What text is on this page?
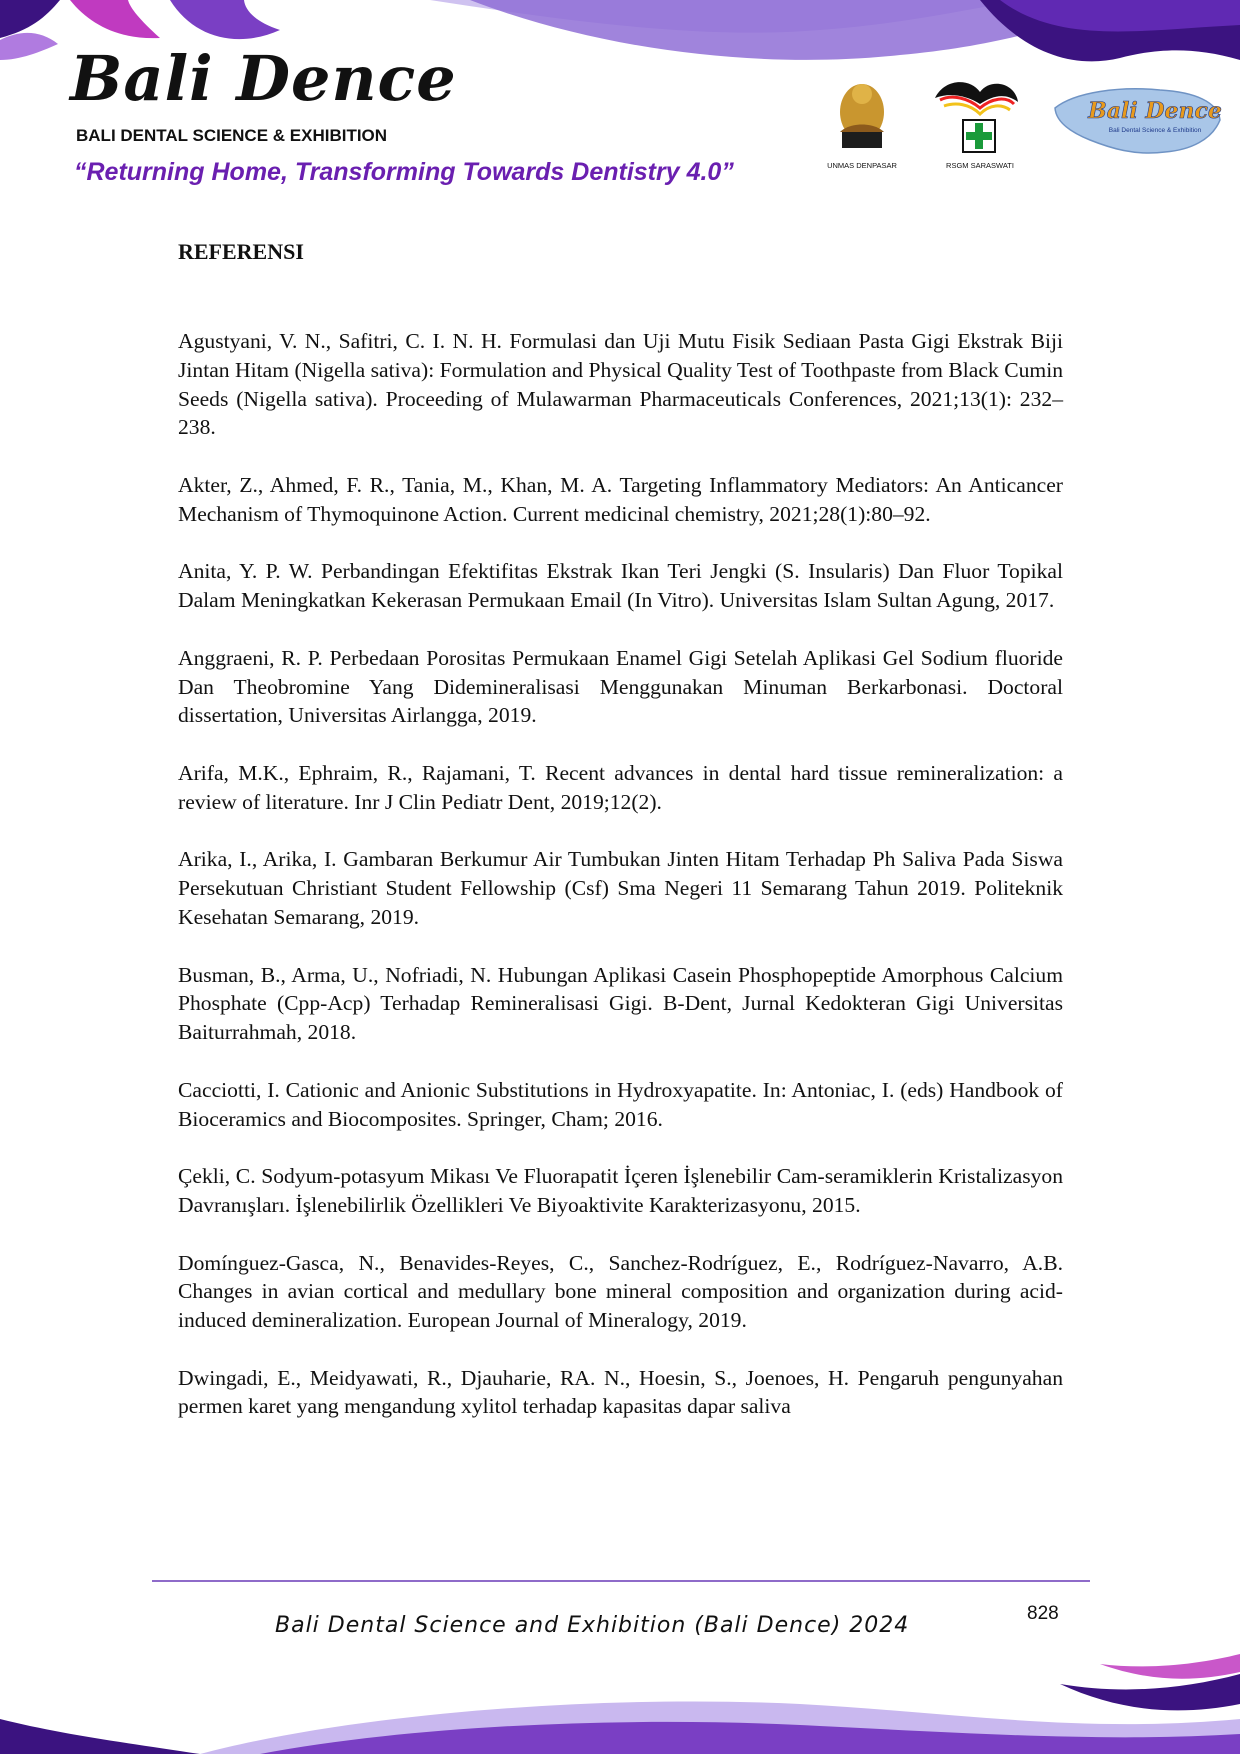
Bali Dence
BALI DENTAL SCIENCE & EXHIBITION
“Returning Home, Transforming Towards Dentistry 4.0”	UNMAS DENPASAR	RSGM SARASWATI
Bali Dence
Bali Dental Science & Exhibition
REFERENSI

Agustyani, V. N., Safitri, C. I. N. H. Formulasi dan Uji Mutu Fisik Sediaan Pasta Gigi Ekstrak Biji Jintan Hitam (Nigella sativa): Formulation and Physical Quality Test of Toothpaste from Black Cumin Seeds (Nigella sativa). Proceeding of Mulawarman Pharmaceuticals Conferences, 2021;13(1): 232–238.

Akter, Z., Ahmed, F. R., Tania, M., Khan, M. A. Targeting Inflammatory Mediators: An Anticancer Mechanism of Thymoquinone Action. Current medicinal chemistry, 2021;28(1):80–92.

Anita, Y. P. W. Perbandingan Efektifitas Ekstrak Ikan Teri Jengki (S. Insularis) Dan Fluor Topikal Dalam Meningkatkan Kekerasan Permukaan Email (In Vitro). Universitas Islam Sultan Agung, 2017.

Anggraeni, R. P. Perbedaan Porositas Permukaan Enamel Gigi Setelah Aplikasi Gel Sodium fluoride Dan Theobromine Yang Didemineralisasi Menggunakan Minuman Berkarbonasi. Doctoral dissertation, Universitas Airlangga, 2019.

Arifa, M.K., Ephraim, R., Rajamani, T. Recent advances in dental hard tissue remineralization: a review of literature. Inr J Clin Pediatr Dent, 2019;12(2).

Arika, I., Arika, I. Gambaran Berkumur Air Tumbukan Jinten Hitam Terhadap Ph Saliva Pada Siswa Persekutuan Christiant Student Fellowship (Csf) Sma Negeri 11 Semarang Tahun 2019. Politeknik Kesehatan Semarang, 2019.

Busman, B., Arma, U., Nofriadi, N. Hubungan Aplikasi Casein Phosphopeptide Amorphous Calcium Phosphate (Cpp-Acp) Terhadap Remineralisasi Gigi. B-Dent, Jurnal Kedokteran Gigi Universitas Baiturrahmah, 2018.

Cacciotti, I. Cationic and Anionic Substitutions in Hydroxyapatite. In: Antoniac, I. (eds) Handbook of Bioceramics and Biocomposites. Springer, Cham; 2016.

Çekli, C. Sodyum-potasyum Mikası Ve Fluorapatit İçeren İşlenebilir Cam-seramiklerin Kristalizasyon Davranışları. İşlenebilirlik Özellikleri Ve Biyoaktivite Karakterizasyonu, 2015.

Domínguez-Gasca, N., Benavides-Reyes, C., Sanchez-Rodríguez, E., Rodríguez-Navarro, A.B. Changes in avian cortical and medullary bone mineral composition and organization during acid-induced demineralization. European Journal of Mineralogy, 2019.

Dwingadi, E., Meidyawati, R., Djauharie, RA. N., Hoesin, S., Joenoes, H. Pengaruh pengunyahan permen karet yang mengandung xylitol terhadap kapasitas dapar saliva

Bali Dental Science and Exhibition (Bali Dence) 2024	828
